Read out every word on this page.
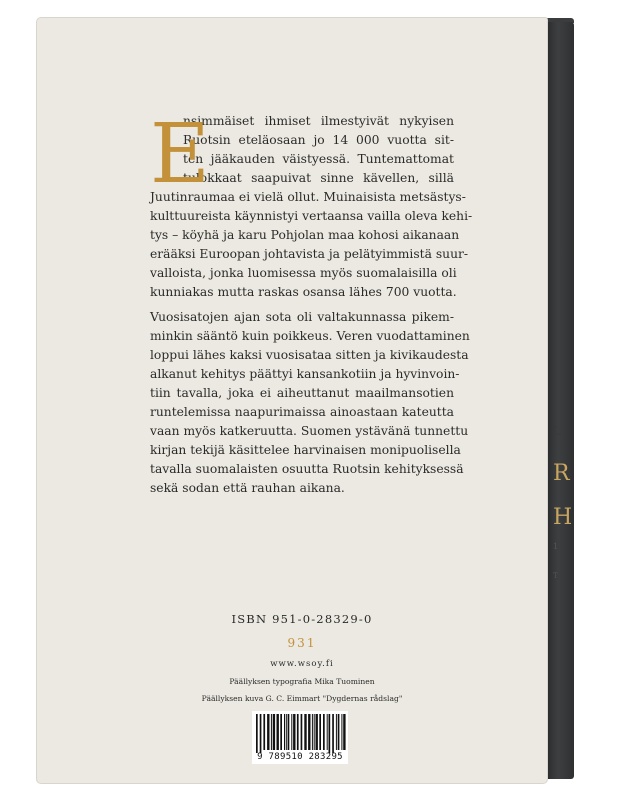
L
R
H
1
T
E
nsimmäiset ihmiset ilmestyivät nykyisen
Ruotsin eteläosaan jo 14 000 vuotta sit-
ten jääkauden väistyessä. Tuntemattomat
tulokkaat saapuivat sinne kävellen, sillä
Juutinraumaa ei vielä ollut. Muinaisista metsästys-
kulttuureista käynnistyi vertaansa vailla oleva kehi-
tys – köyhä ja karu Pohjolan maa kohosi aikanaan
erääksi Euroopan johtavista ja pelätyimmistä suur-
valloista, jonka luomisessa myös suomalaisilla oli
kunniakas mutta raskas osansa lähes 700 vuotta.
Vuosisatojen ajan sota oli valtakunnassa pikem-
minkin sääntö kuin poikkeus. Veren vuodattaminen
loppui lähes kaksi vuosisataa sitten ja kivikaudesta
alkanut kehitys päättyi kansankotiin ja hyvinvoin-
tiin tavalla, joka ei aiheuttanut maailmansotien
runtelemissa naapurimaissa ainoastaan kateutta
vaan myös katkeruutta. Suomen ystävänä tunnettu
kirjan tekijä käsittelee harvinaisen monipuolisella
tavalla suomalaisten osuutta Ruotsin kehityksessä
sekä sodan että rauhan aikana.
ISBN 951-0-28329-0
931
www.wsoy.fi
Päällyksen typografia Mika Tuominen
Päällyksen kuva G. C. Eimmart "Dygdernas rådslag"
9 789510 283295
